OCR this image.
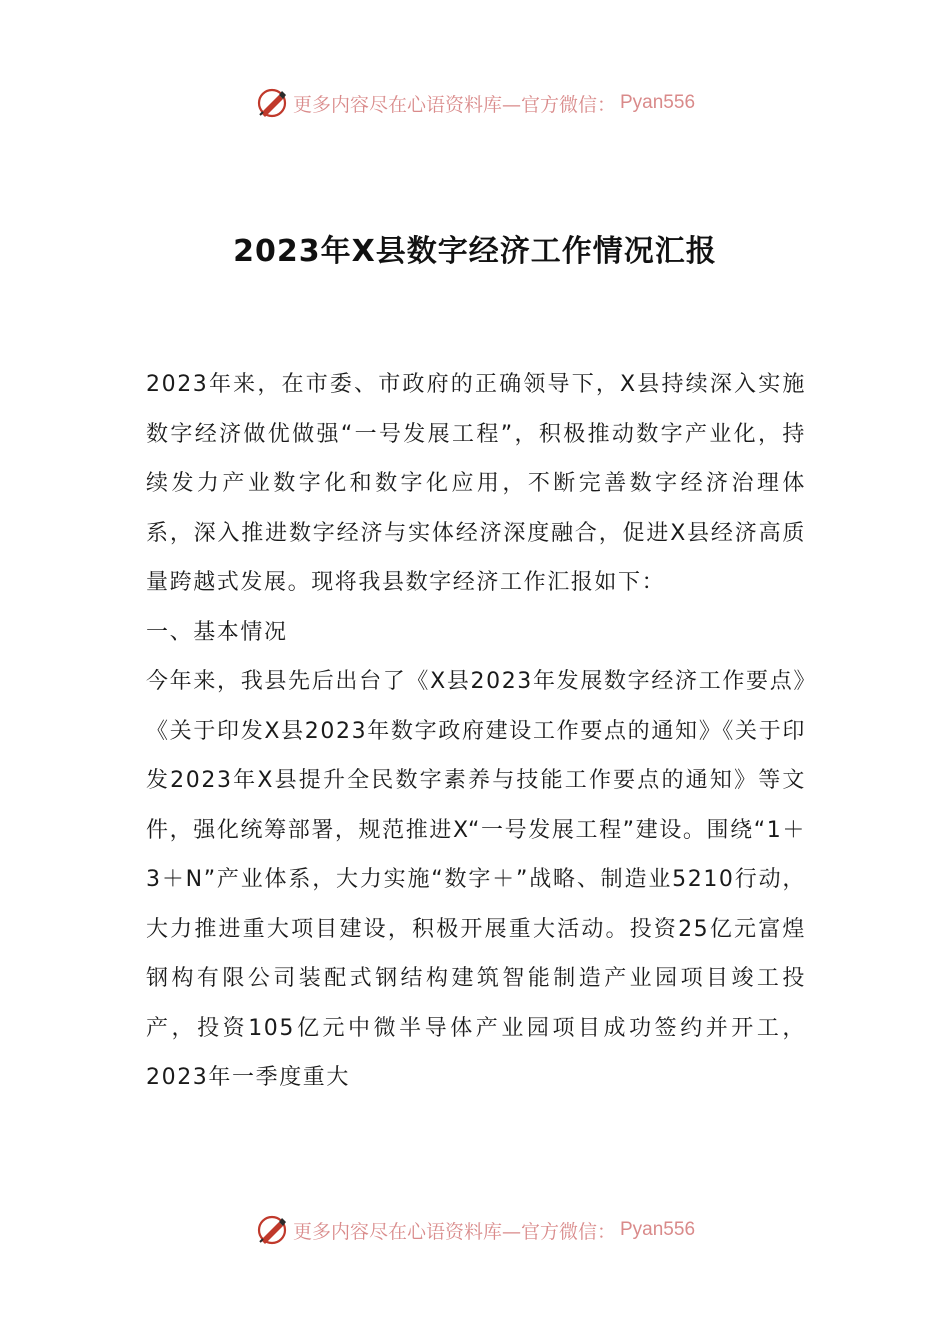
更多内容尽在心语资料库—官方微信： Pyan556
2023年X县数字经济工作情况汇报

2023年来，在市委、市政府的正确领导下，X县持续深入实施数字经济做优做强“一号发展工程”，积极推动数字产业化，持续发力产业数字化和数字化应用，不断完善数字经济治理体系，深入推进数字经济与实体经济深度融合，促进X县经济高质量跨越式发展。现将我县数字经济工作汇报如下：

一、基本情况

今年来，我县先后出台了《X县2023年发展数字经济工作要点》《关于印发X县2023年数字政府建设工作要点的通知》《关于印发2023年X县提升全民数字素养与技能工作要点的通知》等文件，强化统筹部署，规范推进X“一号发展工程”建设。围绕“1＋3＋N”产业体系，大力实施“数字＋”战略、制造业5210行动，大力推进重大项目建设，积极开展重大活动。投资25亿元富煌钢构有限公司装配式钢结构建筑智能制造产业园项目竣工投产，投资105亿元中微半导体产业园项目成功签约并开工，2023年一季度重大

更多内容尽在心语资料库—官方微信： Pyan556
